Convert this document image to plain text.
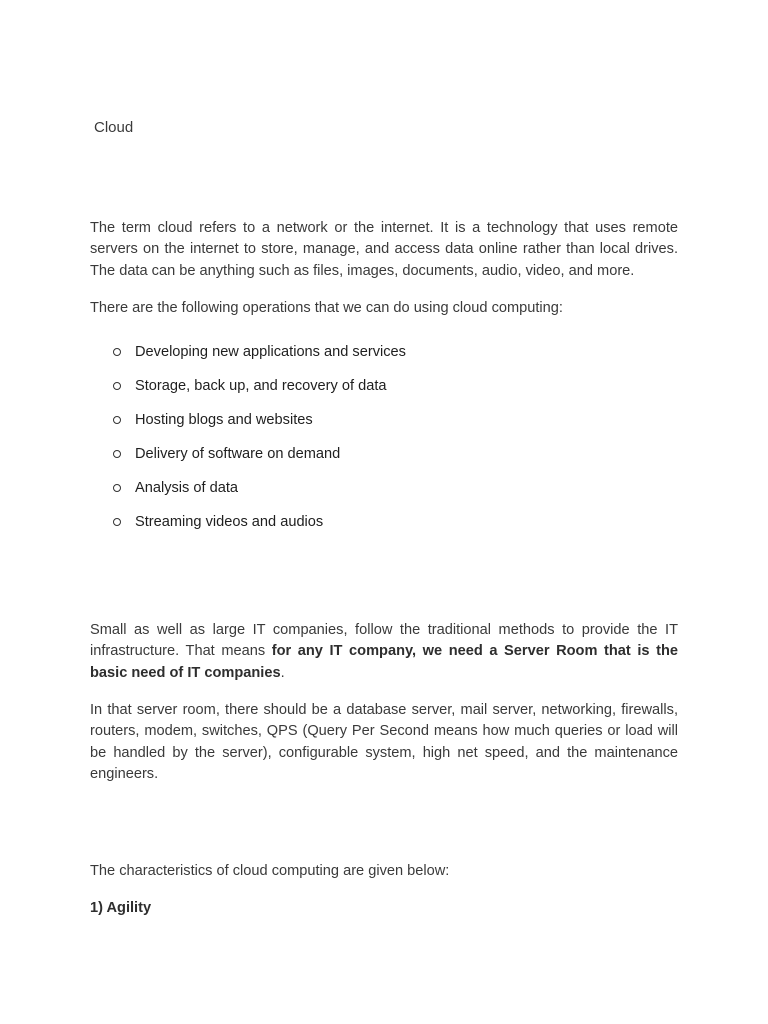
Cloud

The term cloud refers to a network or the internet. It is a technology that uses remote servers on the internet to store, manage, and access data online rather than local drives. The data can be anything such as files, images, documents, audio, video, and more.

There are the following operations that we can do using cloud computing:

Developing new applications and services
Storage, back up, and recovery of data
Hosting blogs and websites
Delivery of software on demand
Analysis of data
Streaming videos and audios

Small as well as large IT companies, follow the traditional methods to provide the IT infrastructure. That means for any IT company, we need a Server Room that is the basic need of IT companies.

In that server room, there should be a database server, mail server, networking, firewalls, routers, modem, switches, QPS (Query Per Second means how much queries or load will be handled by the server), configurable system, high net speed, and the maintenance engineers.

The characteristics of cloud computing are given below:

1) Agility
